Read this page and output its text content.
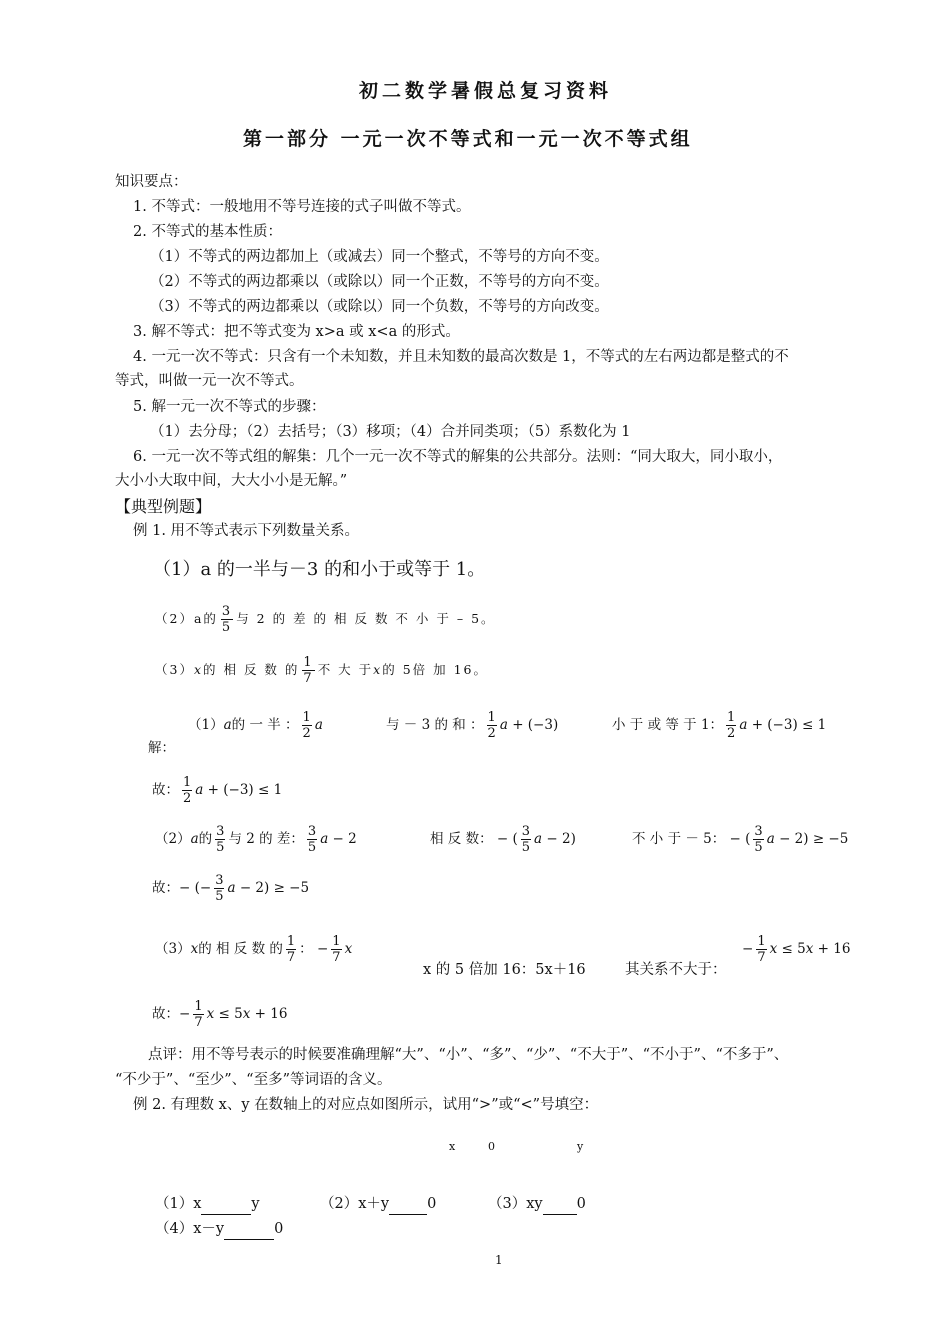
初二数学暑假总复习资料
第一部分 一元一次不等式和一元一次不等式组
知识要点：
1. 不等式：一般地用不等号连接的式子叫做不等式。
2. 不等式的基本性质：
（1）不等式的两边都加上（或减去）同一个整式，不等号的方向不变。
（2）不等式的两边都乘以（或除以）同一个正数，不等号的方向不变。
（3）不等式的两边都乘以（或除以）同一个负数，不等号的方向改变。
3. 解不等式：把不等式变为 x>a 或 x<a 的形式。
4. 一元一次不等式：只含有一个未知数，并且未知数的最高次数是 1，不等式的左右两边都是整式的不
等式，叫做一元一次不等式。
5. 解一元一次不等式的步骤：
（1）去分母；（2）去括号；（3）移项；（4）合并同类项；（5）系数化为 1
6. 一元一次不等式组的解集：几个一元一次不等式的解集的公共部分。法则：“同大取大，同小取小，
大小小大取中间，大大小小是无解。”
【典型例题】
例 1. 用不等式表示下列数量关系。
（1）a 的一半与－3 的和小于或等于 1。
（2）a的 $\frac{3}{5}$ 与 2 的 差 的 相 反 数 不 小 于 – 5。
（3）x的 相 反 数 的 $\frac{1}{7}$ 不 大 于x的 5倍 加 16。
解：
（1）a的 一 半 ： $\frac{1}{2}$ a	与 － 3 的 和 ： $\frac{1}{2}$ a + (−3)	小 于 或 等 于 1： $\frac{1}{2}$ a + (−3) ≤ 1
故： $\frac{1}{2}$ a + (−3) ≤ 1
（2）a的 $\frac{3}{5}$ 与 2 的 差： $\frac{3}{5}$ a − 2	相 反 数： − ( $\frac{3}{5}$ a − 2)	不 小 于 － 5： − ( $\frac{3}{5}$ a − 2) ≥ −5
故：− (− $\frac{3}{5}$ a − 2) ≥ −5
（3）x的 相 反 数 的 $\frac{1}{7}$ ： − $\frac{1}{7}$ x
x 的 5 倍加 16：5x＋16	其关系不大于：
− $\frac{1}{7}$ x ≤ 5x + 16
故：− $\frac{1}{7}$ x ≤ 5x + 16
点评：用不等号表示的时候要准确理解“大”、“小”、“多”、“少”、“不大于”、“不小于”、“不多于”、
“不少于”、“至少”、“至多”等词语的含义。
例 2. 有理数 x、y 在数轴上的对应点如图所示，试用“>”或“<”号填空：
x	0	y
（1）x	y	（2）x＋y	0	（3）xy 0
（4）x－y	0
1
